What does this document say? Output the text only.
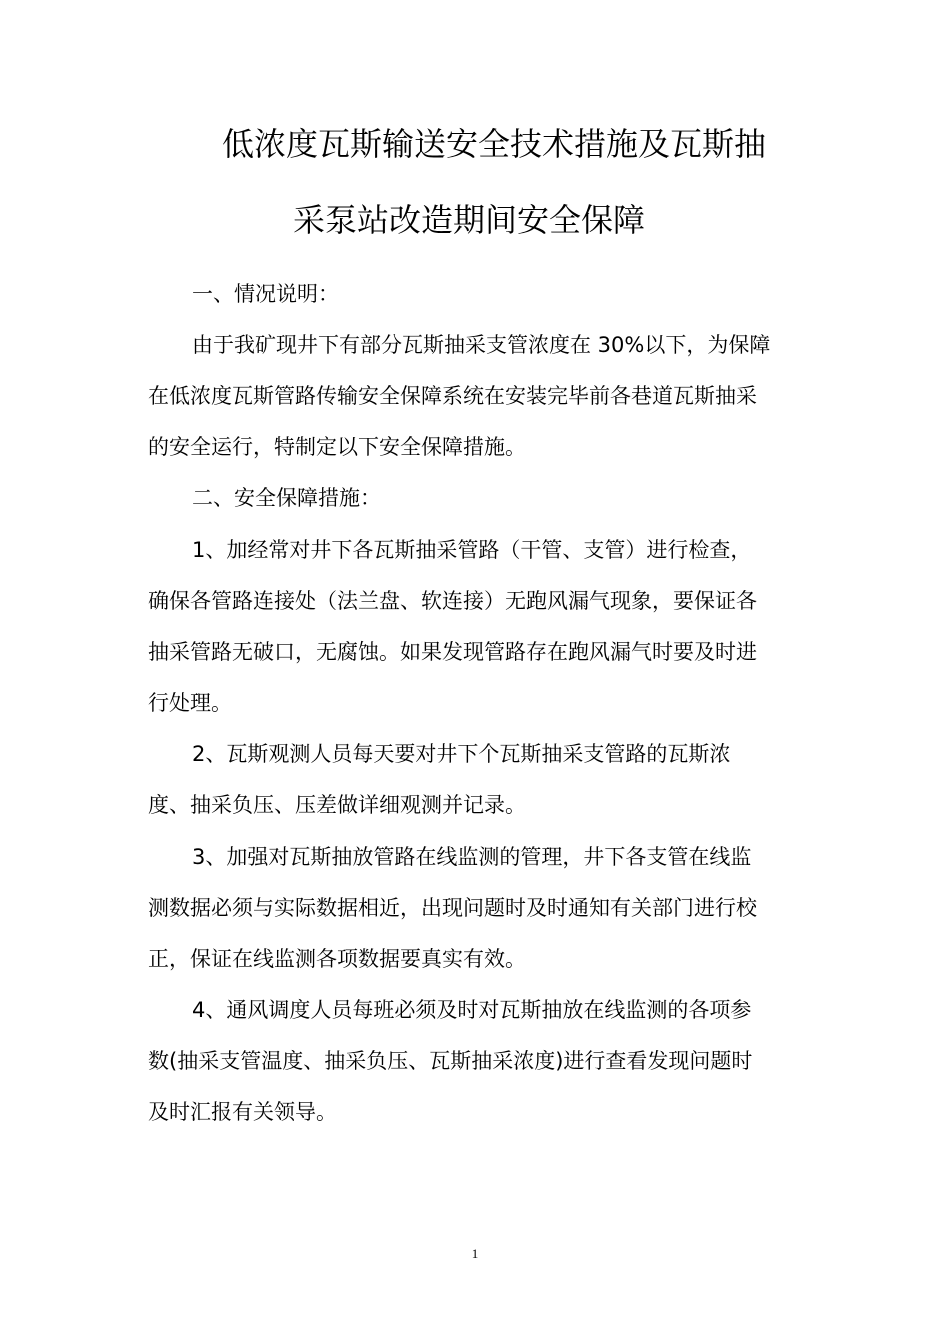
低浓度瓦斯输送安全技术措施及瓦斯抽
采泵站改造期间安全保障
一、情况说明：
由于我矿现井下有部分瓦斯抽采支管浓度在 30%以下，为保障
在低浓度瓦斯管路传输安全保障系统在安装完毕前各巷道瓦斯抽采
的安全运行，特制定以下安全保障措施。
二、安全保障措施：
1、加经常对井下各瓦斯抽采管路（干管、支管）进行检查，
确保各管路连接处（法兰盘、软连接）无跑风漏气现象，要保证各
抽采管路无破口，无腐蚀。如果发现管路存在跑风漏气时要及时进
行处理。
2、瓦斯观测人员每天要对井下个瓦斯抽采支管路的瓦斯浓
度、抽采负压、压差做详细观测并记录。
3、加强对瓦斯抽放管路在线监测的管理，井下各支管在线监
测数据必须与实际数据相近，出现问题时及时通知有关部门进行校
正，保证在线监测各项数据要真实有效。
4、通风调度人员每班必须及时对瓦斯抽放在线监测的各项参
数(抽采支管温度、抽采负压、瓦斯抽采浓度)进行查看发现问题时
及时汇报有关领导。
1
